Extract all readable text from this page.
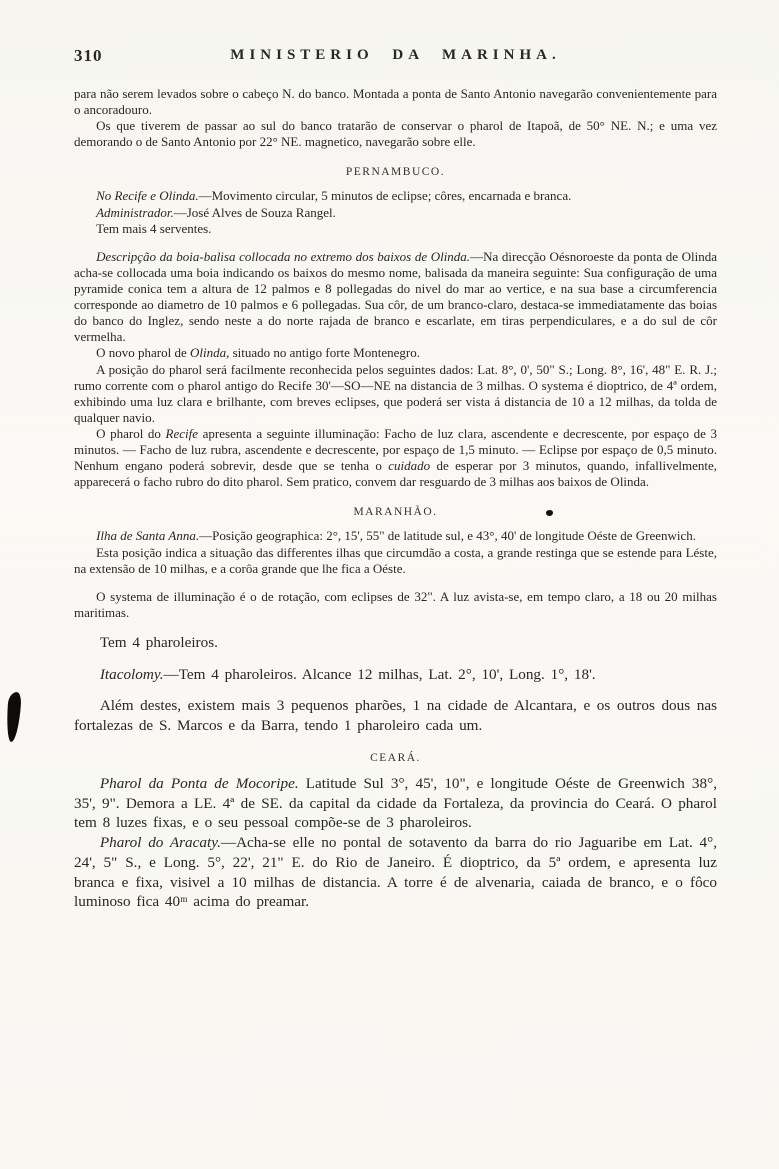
310	MINISTERIO DA MARINHA.

para não serem levados sobre o cabeço N. do banco. Montada a ponta de Santo Antonio navegarão convenientemente para o ancoradouro.

Os que tiverem de passar ao sul do banco tratarão de conservar o pharol de Itapoã, de 50° NE. N.; e uma vez demorando o de Santo Antonio por 22° NE. magnetico, navegarão sobre elle.

PERNAMBUCO.

No Recife e Olinda.—Movimento circular, 5 minutos de eclipse; côres, encarnada e branca.

Administrador.—José Alves de Souza Rangel.

Tem mais 4 serventes.

Descripção da boia-balisa collocada no extremo dos baixos de Olinda.—Na direcção Oésnoroeste da ponta de Olinda acha-se collocada uma boia indicando os baixos do mesmo nome, balisada da maneira seguinte: Sua configuração de uma pyramide conica tem a altura de 12 palmos e 8 pollegadas do nivel do mar ao vertice, e na sua base a circumferencia corresponde ao diametro de 10 palmos e 6 pollegadas. Sua côr, de um branco-claro, destaca-se immediatamente das boias do banco do Inglez, sendo neste a do norte rajada de branco e escarlate, em tiras perpendiculares, e a do sul de côr vermelha.

O novo pharol de Olinda, situado no antigo forte Montenegro.

A posição do pharol será facilmente reconhecida pelos seguintes dados: Lat. 8°, 0', 50" S.; Long. 8°, 16', 48" E. R. J.; rumo corrente com o pharol antigo do Recife 30'—SO—NE na distancia de 3 milhas. O systema é dioptrico, de 4ª ordem, exhibindo uma luz clara e brilhante, com breves eclipses, que poderá ser vista á distancia de 10 a 12 milhas, da tolda de qualquer navio.

O pharol do Recife apresenta a seguinte illuminação: Facho de luz clara, ascendente e decrescente, por espaço de 3 minutos. — Facho de luz rubra, ascendente e decrescente, por espaço de 1,5 minuto. — Eclipse por espaço de 0,5 minuto. Nenhum engano poderá sobrevir, desde que se tenha o cuidado de esperar por 3 minutos, quando, infallivelmente, apparecerá o facho rubro do dito pharol. Sem pratico, convem dar resguardo de 3 milhas aos baixos de Olinda.

MARANHÃO.

Ilha de Santa Anna.—Posição geographica: 2°, 15', 55" de latitude sul, e 43°, 40' de longitude Oéste de Greenwich.

Esta posição indica a situação das differentes ilhas que circumdão a costa, a grande restinga que se estende para Léste, na extensão de 10 milhas, e a corôa grande que lhe fica a Oéste.

O systema de illuminação é o de rotação, com eclipses de 32". A luz avista-se, em tempo claro, a 18 ou 20 milhas maritimas.

Tem 4 pharoleiros.

Itacolomy.—Tem 4 pharoleiros. Alcance 12 milhas, Lat. 2°, 10', Long. 1°, 18'.

Além destes, existem mais 3 pequenos pharões, 1 na cidade de Alcantara, e os outros dous nas fortalezas de S. Marcos e da Barra, tendo 1 pharoleiro cada um.

CEARÁ.

Pharol da Ponta de Mocoripe. Latitude Sul 3°, 45', 10", e longitude Oéste de Greenwich 38°, 35', 9". Demora a LE. 4ª de SE. da capital da cidade da Fortaleza, da provincia do Ceará. O pharol tem 8 luzes fixas, e o seu pessoal compõe-se de 3 pharoleiros.

Pharol do Aracaty.—Acha-se elle no pontal de sotavento da barra do rio Jaguaribe em Lat. 4°, 24', 5" S., e Long. 5°, 22', 21" E. do Rio de Janeiro. É dioptrico, da 5ª ordem, e apresenta luz branca e fixa, visivel a 10 milhas de distancia. A torre é de alvenaria, caiada de branco, e o fôco luminoso fica 40ᵐ acima do preamar.
